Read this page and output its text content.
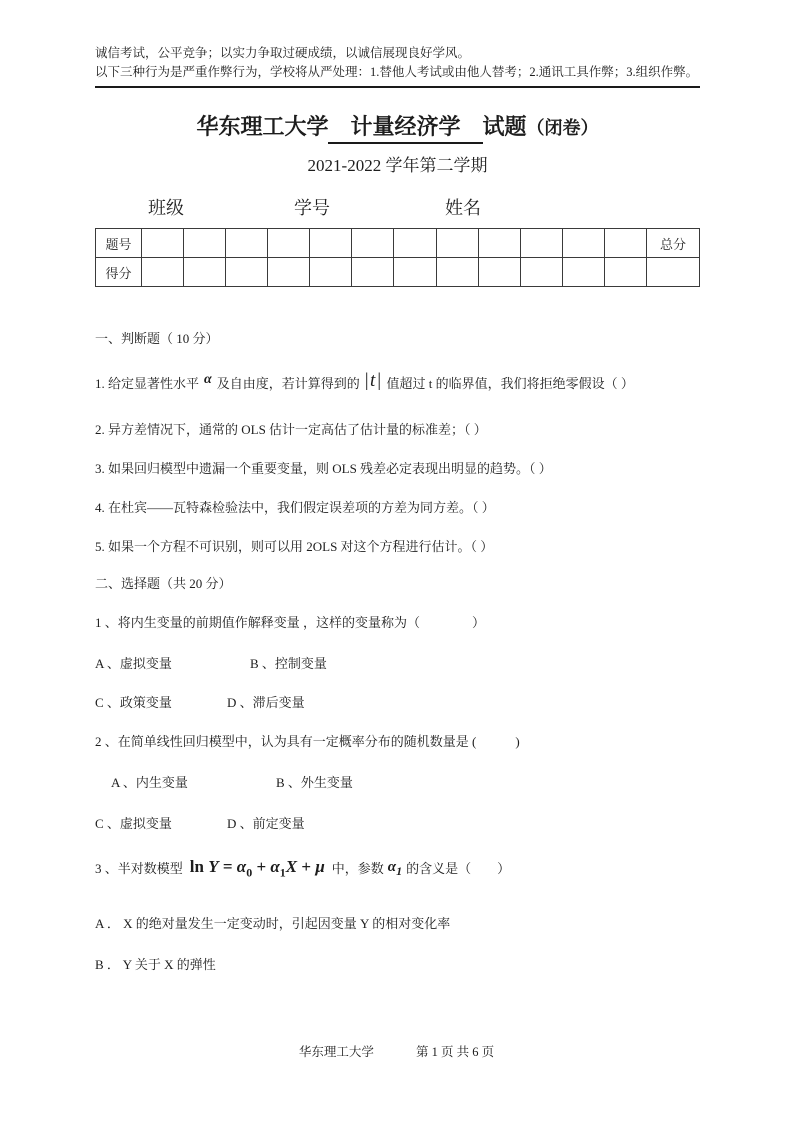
诚信考试，公平竞争；以实力争取过硬成绩，以诚信展现良好学风。
以下三种行为是严重作弊行为，学校将从严处理：1.替他人考试或由他人替考；2.通讯工具作弊；3.组织作弊。
华东理工大学 计量经济学 试题（闭卷）
2021-2022 学年第二学期
班级	学号	姓名
题号													总分
得分													
一、判断题（ 10 分）

1. 给定显著性水平 α 及自由度，若计算得到的 |t| 值超过 t 的临界值，我们将拒绝零假设（ ）

2. 异方差情况下，通常的 OLS 估计一定高估了估计量的标准差；（ ）

3. 如果回归模型中遗漏一个重要变量，则 OLS 残差必定表现出明显的趋势。（ ）

4. 在杜宾——瓦特森检验法中，我们假定误差项的方差为同方差。（ ）

5. 如果一个方程不可识别，则可以用 2OLS 对这个方程进行估计。（ ）

二、选择题（共 20 分）

1 、将内生变量的前期值作解释变量 ，这样的变量称为（　　　　）

A 、虚拟变量	B 、控制变量

C 、政策变量	D 、滞后变量

2 、在简单线性回归模型中，认为具有一定概率分布的随机数量是 (　　　)

A 、内生变量	B 、外生变量

C 、虚拟变量	D 、前定变量

3 、半对数模型 $\ln Y = \alpha_0 + \alpha_1X + \mu$ 中，参数 $\alpha_1$ 的含义是（　　）

A ． X 的绝对量发生一定变动时，引起因变量 Y 的相对变化率

B ． Y 关于 X 的弹性

华东理工大学	第 1 页 共 6 页
